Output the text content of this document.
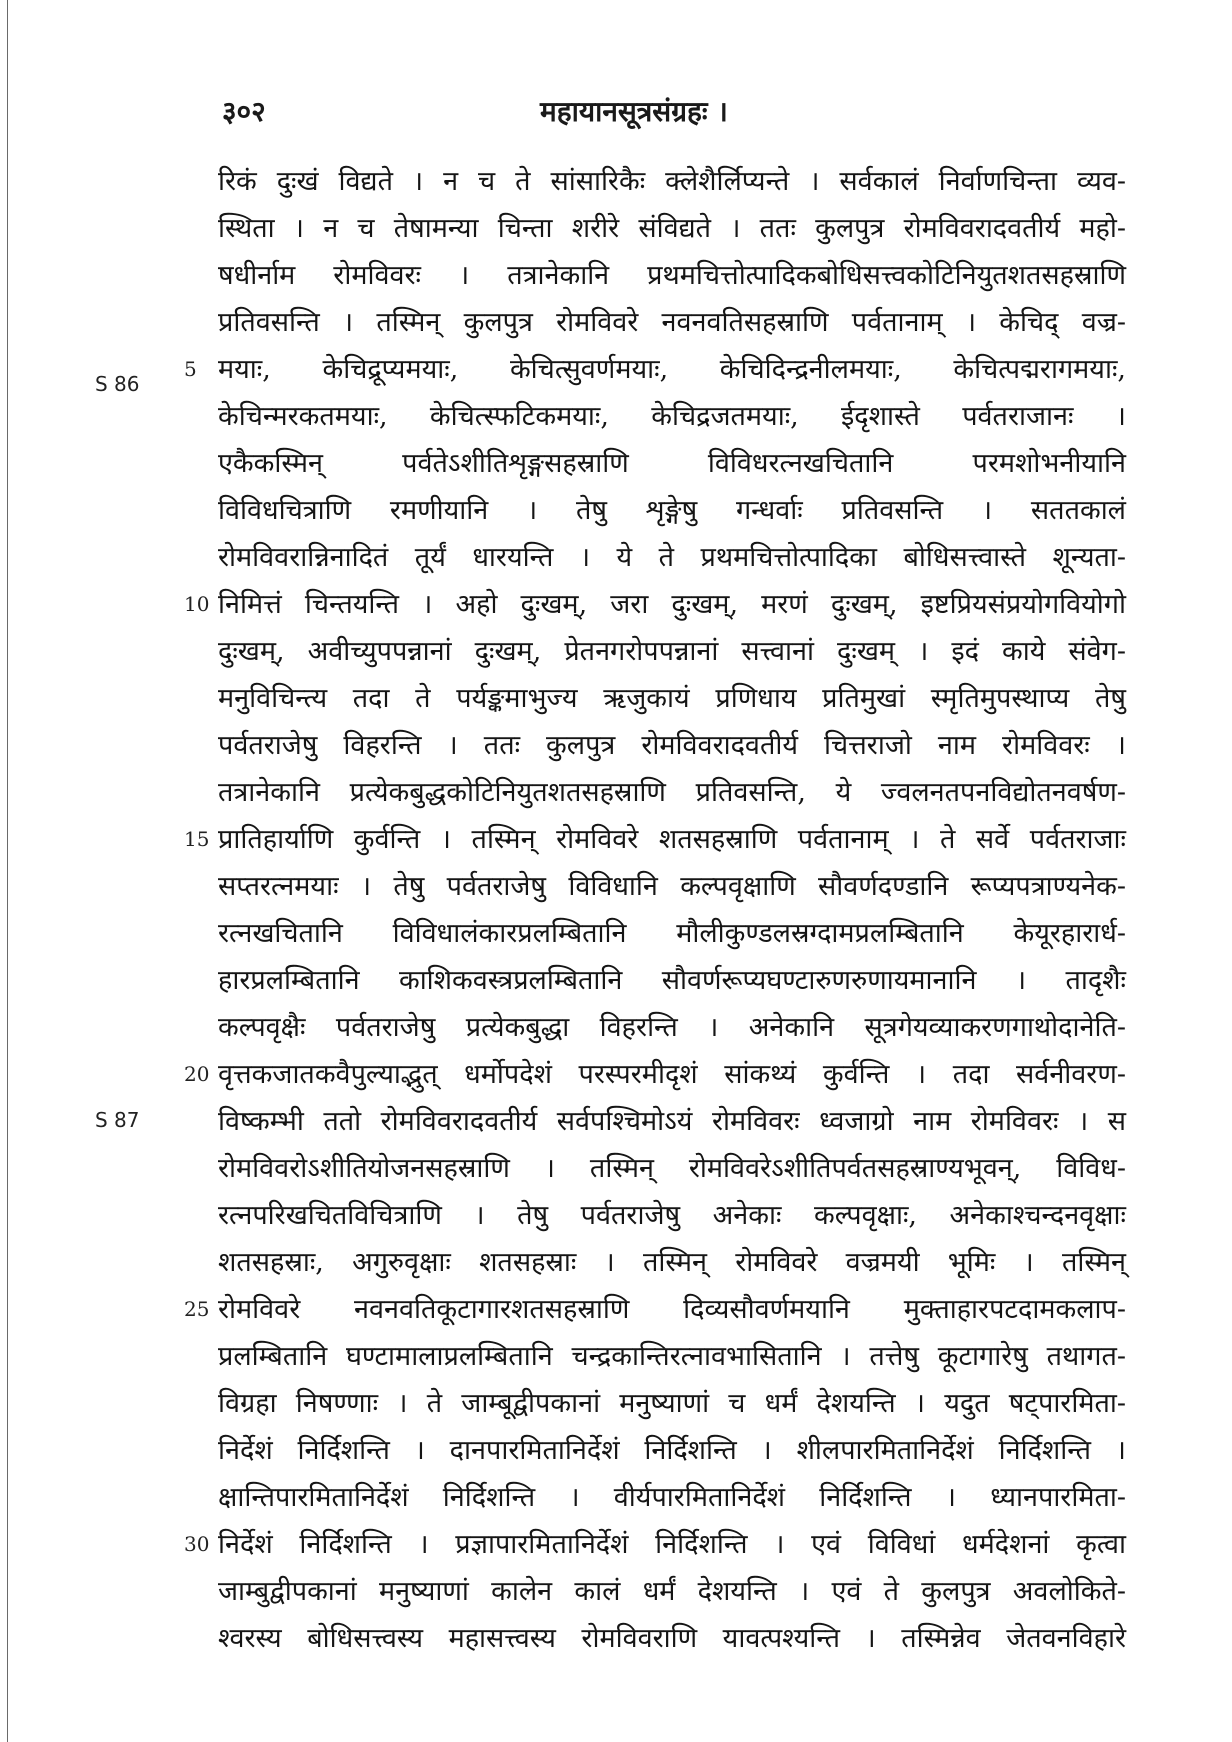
३०२	महायानसूत्रसंग्रहः ।
S 86
S 87
रिकं दुःखं विद्यते । न च ते सांसारिकैः क्लेशैर्लिप्यन्ते । सर्वकालं निर्वाणचिन्ता व्यव-
स्थिता । न च तेषामन्या चिन्ता शरीरे संविद्यते । ततः कुलपुत्र रोमविवरादवतीर्य महो-
षधीर्नाम रोमविवरः । तत्रानेकानि प्रथमचित्तोत्पादिकबोधिसत्त्वकोटिनियुतशतसहस्राणि
प्रतिवसन्ति । तस्मिन् कुलपुत्र रोमविवरे नवनवतिसहस्राणि पर्वतानाम् । केचिद् वज्र-
5 मयाः, केचिद्रूप्यमयाः, केचित्सुवर्णमयाः, केचिदिन्द्रनीलमयाः, केचित्पद्मरागमयाः,
केचिन्मरकतमयाः, केचित्स्फटिकमयाः, केचिद्रजतमयाः, ईदृशास्ते पर्वतराजानः ।
एकैकस्मिन् पर्वतेऽशीतिशृङ्गसहस्राणि विविधरत्नखचितानि परमशोभनीयानि
विविधचित्राणि रमणीयानि । तेषु शृङ्गेषु गन्धर्वाः प्रतिवसन्ति । सततकालं
रोमविवरान्निनादितं तूर्यं धारयन्ति । ये ते प्रथमचित्तोत्पादिका बोधिसत्त्वास्ते शून्यता-
10 निमित्तं चिन्तयन्ति । अहो दुःखम्, जरा दुःखम्, मरणं दुःखम्, इष्टप्रियसंप्रयोगवियोगो
दुःखम्, अवीच्युपपन्नानां दुःखम्, प्रेतनगरोपपन्नानां सत्त्वानां दुःखम् । इदं काये संवेग-
मनुविचिन्त्य तदा ते पर्यङ्कमाभुज्य ऋजुकायं प्रणिधाय प्रतिमुखां स्मृतिमुपस्थाप्य तेषु
पर्वतराजेषु विहरन्ति । ततः कुलपुत्र रोमविवरादवतीर्य चित्तराजो नाम रोमविवरः ।
तत्रानेकानि प्रत्येकबुद्धकोटिनियुतशतसहस्राणि प्रतिवसन्ति, ये ज्वलनतपनविद्योतनवर्षण-
15 प्रातिहार्याणि कुर्वन्ति । तस्मिन् रोमविवरे शतसहस्राणि पर्वतानाम् । ते सर्वे पर्वतराजाः
सप्तरत्नमयाः । तेषु पर्वतराजेषु विविधानि कल्पवृक्षाणि सौवर्णदण्डानि रूप्यपत्राण्यनेक-
रत्नखचितानि विविधालंकारप्रलम्बितानि मौलीकुण्डलस्रग्दामप्रलम्बितानि केयूरहारार्ध-
हारप्रलम्बितानि काशिकवस्त्रप्रलम्बितानि सौवर्णरूप्यघण्टारुणरुणायमानानि । तादृशैः
कल्पवृक्षैः पर्वतराजेषु प्रत्येकबुद्धा विहरन्ति । अनेकानि सूत्रगेयव्याकरणगाथोदानेति-
20 वृत्तकजातकवैपुल्याद्भुत् धर्मोपदेशं परस्परमीदृशं सांकथ्यं कुर्वन्ति । तदा सर्वनीवरण-
विष्कम्भी ततो रोमविवरादवतीर्य सर्वपश्चिमोऽयं रोमविवरः ध्वजाग्रो नाम रोमविवरः । स
रोमविवरोऽशीतियोजनसहस्राणि । तस्मिन् रोमविवरेऽशीतिपर्वतसहस्राण्यभूवन्, विविध-
रत्नपरिखचितविचित्राणि । तेषु पर्वतराजेषु अनेकाः कल्पवृक्षाः, अनेकाश्चन्दनवृक्षाः
शतसहस्राः, अगुरुवृक्षाः शतसहस्राः । तस्मिन् रोमविवरे वज्रमयी भूमिः । तस्मिन्
25 रोमविवरे नवनवतिकूटागारशतसहस्राणि दिव्यसौवर्णमयानि मुक्ताहारपटदामकलाप-
प्रलम्बितानि घण्टामालाप्रलम्बितानि चन्द्रकान्तिरत्नावभासितानि । तत्तेषु कूटागारेषु तथागत-
विग्रहा निषण्णाः । ते जाम्बूद्वीपकानां मनुष्याणां च धर्मं देशयन्ति । यदुत षट्पारमिता-
निर्देशं निर्दिशन्ति । दानपारमितानिर्देशं निर्दिशन्ति । शीलपारमितानिर्देशं निर्दिशन्ति ।
क्षान्तिपारमितानिर्देशं निर्दिशन्ति । वीर्यपारमितानिर्देशं निर्दिशन्ति । ध्यानपारमिता-
30 निर्देशं निर्दिशन्ति । प्रज्ञापारमितानिर्देशं निर्दिशन्ति । एवं विविधां धर्मदेशनां कृत्वा
जाम्बुद्वीपकानां मनुष्याणां कालेन कालं धर्मं देशयन्ति । एवं ते कुलपुत्र अवलोकिते-
श्वरस्य बोधिसत्त्वस्य महासत्त्वस्य रोमविवराणि यावत्पश्यन्ति । तस्मिन्नेव जेतवनविहारे
